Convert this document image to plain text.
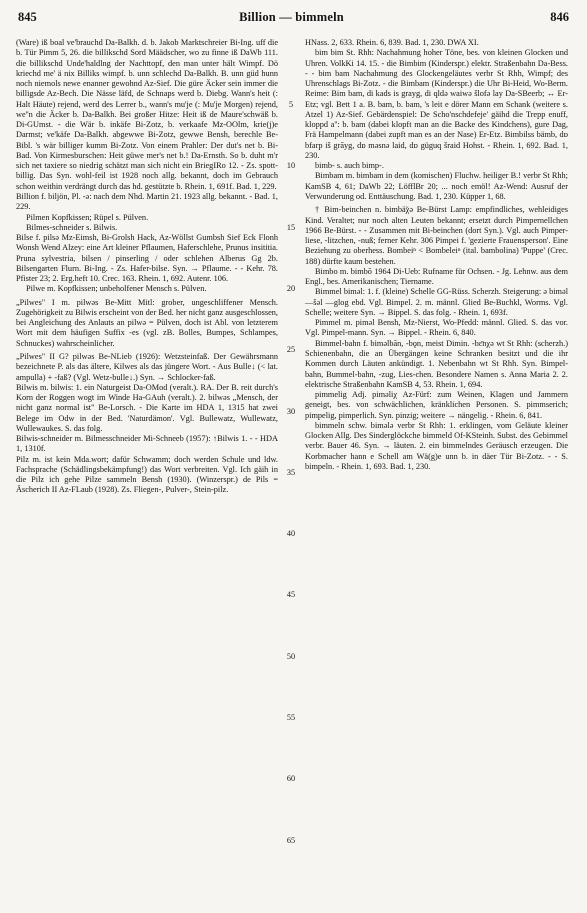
845	Billion — bimmeln	846

(Ware) iß boal ve'brauchd Da-Balkh. d. b. Jakob Marktschreier Bi-Ing. uff die b. Tür Pimm 5, 26. die billikschd Sord Määdscher, wo zu finne iß DaWb 111. die billikschd Unde'haldlng der Nachttopf, den man unter hält Wimpf. Dö kriechd me' ä nix Billiks wimpf. b. unn schlechd Da-Balkh. B. unn güd hunn noch niemols newe enanner gewohnd Az-Sief. Die güre Äcker sein immer die billigsde Az-Bech. Die Nässe läfd, de Schnaps werd b. Diebg. Wann's heit (: Halt Häute) rejend, werd des Lerrer b., wann's mu'je (: Mu'je Morgen) rejend, we''n die Äcker b. Da-Balkh. Bei großer Hitze: Heit iß de Maure'schwäß b. Di-GUmst. - die Wär b. inkäfe Bi-Zotz, b. verkaafe Mz-OOlm, krie(j)e Darmst; ve'käfe Da-Balkh. abgewwe Bi-Zotz, gewwe Bensh, berechle Be-Bibl. 's wär billiger kumm Bi-Zotz. Von einem Prahler: Der dut's net b. Bi-Bad. Von Kirmesburschen: Heit güwe mer's net b.! Da-Ernsth. So b. duht m'r sich net taxiere so niedrig schätzt man sich nicht ein BriegIRo 12. - Zs. spott-billig. Das Syn. wohl-feil ist 1928 noch allg. bekannt, doch im Gebrauch schon weithin verdrängt durch das hd. gestützte b. Rhein. 1, 691f. Bad. 1, 229.

Billion f. biljön, Pl. -ə: nach dem Nhd. Martin 21. 1923 allg. bekannt. - Bad. 1, 229.

Pilmen Kopfkissen; Rüpel s. Pülven.

Bilmes-schneider s. Bilwis.

Bilse f. pilsə Mz-Eimsh, Bi-Grolsh Hack, Az-Wöllst Gumbsh Sief Eck Flonh Wonsh Wend Alzey: eine Art kleiner Pflaumen, Haferschlehe, Prunus insititia. Pruna sylvestria, bilsen / pinserling / oder schlehen Alberus Gg 2b. Bilsengarten Flurn. Bi-Ing. - Zs. Hafer-bilse. Syn. → Pflaume. - - Kehr. 78. Pfister 23; 2. Erg.heft 10. Crec. 163. Rhein. 1, 692. Autenr. 106.

Pilwe m. Kopfkissen; unbeholfener Mensch s. Pülven.

„Pilwes" I m. pilwəs Be-Mitt Mitl: grober, ungeschliffener Mensch. Zugehörigkeit zu Bilwis erscheint von der Bed. her nicht ganz ausgeschlossen, bei Angleichung des Anlauts an pilwə = Pülven, doch ist Abl. von letzterem Wort mit dem häufigen Suffix -es (vgl. zB. Bolles, Bumpes, Schlampes, Schnuckes) wahrscheinlicher.

„Pilwes" II G? pilwəs Be-NLieb (1926): Wetzsteinfaß. Der Gewährsmann bezeichnete P. als das ältere, Kilwes als das jüngere Wort. - Aus Bulle↓ (< lat. ampulla) + -faß? (Vgl. Wetz-bulle↓.) Syn. → Schlocker-faß.

Bilwis m. bilwis: 1. ein Naturgeist Da-OMod (veralt.). RA. Der B. reit durch's Korn der Roggen wogt im Winde Ha-GAuh (veralt.). 2. bilwəs „Mensch, der nicht ganz normal ist" Be-Lorsch. - Die Karte im HDA 1, 1315 hat zwei Belege im Odw in der Bed. 'Naturdämon'. Vgl. Bullewatz, Wullewatz, Wullewaukes. S. das folg.

Bilwis-schneider m. Bilmesschneider Mi-Schneeb (1957): ↑Bilwis 1. - - HDA 1, 1310f.

Pilz m. ist kein Mda.wort; dafür Schwamm; doch werden Schule und ldw. Fachsprache (Schädlingsbekämpfung!) das Wort verbreiten. Vgl. Ich gäih in die Pilz ich gehe Pilze sammeln Bensh (1930). (Winzerspr.) de Pils = Äscherich II Az-FLaub (1928). Zs. Fliegen-, Pulver-, Stein-pilz.

5
10
15
20
25
30
35
40
45
50
55
60
65

HNass. 2, 633. Rhein. 6, 839. Bad. 1, 230. DWA XI.

bim bim St. Rhh: Nachahmung hoher Töne, bes. von kleinen Glocken und Uhren. VolkKi 14. 15. - die Bimbim (Kinderspr.) elektr. Straßenbahn Da-Bess. - - bim bam Nachahmung des Glockengeläutes verbr St Rhh, Wimpf; des Uhrenschlags Bi-Zotz. - die Bimbam (Kinderspr.) die Uhr Bi-Heid, Wo-Berm. Reime: Bim bam, di kads is grayg, di qldə waiwə šlofə lay Da-SBeerb; ↔ Er-Etz; vgl. Bett 1 a. B. bam, b. bam, 's leit e dörer Mann em Schank (weitere s. Atzel 1) Az-Sief. Gebärdenspiel: De Scho'nschdefeje' gäihd die Trepp enuff, kloppd a'': b. bam (dabei klopft man an die Backe des Kindchens), gure Dag, Frä Hampelmann (dabei zupft man es an der Nase) Er-Etz. Bimbilss bämb, dɒ bfarp iš grāyg, dɒ məsnə laid, dɒ güguq šraid Hohst. - Rhein. 1, 692. Bad. 1, 230.

bimb- s. auch bimp-.

Bimbam m. bimbam in dem (komischen) Fluchw. heiliger B.! verbr St Rhh; KamSB 4, 61; DaWb 22; LöfflBr 20; ... noch emöl! Az-Wend: Ausruf der Verwunderung od. Enttäuschung. Bad. 1, 230. Küpper 1, 68.

† Bim-beinchen n. bimbä̃χə Be-Bürst Lamp: empfindliches, wehleidiges Kind. Veraltet; nur noch alten Leuten bekannt; ersetzt durch Pimpernellchen 1966 Be-Bürst. - - Zusammen mit Bi-beinchen (dort Syn.). Vgl. auch Pimper-liese, -litzchen, -nuß; ferner Kehr. 306 Pimpei f. 'gezierte Frauensperson'. Eine Beziehung zu oberhess. Bombeiⁿ < Bombeleiⁿ (ital. bambolina) 'Puppe' (Crec. 188) dürfte kaum bestehen.

Bimbo m. bimbō 1964 Di-Ueb: Rufname für Ochsen. - Jg. Lehnw. aus dem Engl., bes. Amerikanischen; Tiername.

Bimmel bimǝl: 1. f. (kleine) Schelle GG-Rüss. Scherzh. Steigerung: ə bimǝl —šǝl —glog ebd. Vgl. Bimpel. 2. m. männl. Glied Be-Buchkl, Worms. Vgl. Schelle; weitere Syn. → Bippel. S. das folg. - Rhein. 1, 693f.

Pimmel m. pimǝl Bensh, Mz-Nierst, Wo-Pfedd: männl. Glied. S. das vor. Vgl. Pimpel-mann. Syn. → Bippel. - Rhein. 6, 840.

Bimmel-bahn f. bimǝlbān, -bǫn, meist Dimin. -bɛ̄nχə wt St Rhh: (scherzh.) Schienenbahn, die an Übergängen keine Schranken besitzt und die ihr Kommen durch Läuten ankündigt. 1. Nebenbahn wt St Rhh. Syn. Bimpel-bahn, Bummel-bahn, -zug, Lies-chen. Besondere Namen s. Anna Maria 2. 2. elektrische Straßenbahn KamSB 4, 53. Rhein. 1, 694.

pimmelig Adj. pimǝliχ Az-Fürf: zum Weinen, Klagen und Jammern geneigt, bes. von schwächlichen, kränklichen Personen. S. pimmserich; pimpelig, pimperlich. Syn. pinzig; weitere → nängelig. - Rhein. 6, 841.

bimmeln schw. bimǝlə verbr St Rhh: 1. erklingen, vom Geläute kleiner Glocken Allg. Des Sinderglöckche bimmeld Of-KSteinh. Subst. des Gebimmel verbr. Bauer 46. Syn. → läuten. 2. ein bimmelndes Geräusch erzeugen. Die Korbmacher hann e Schell am Wä(g)e unn b. in däer Tür Bi-Zotz. - - S. bimpeln. - Rhein. 1, 693. Bad. 1, 230.
